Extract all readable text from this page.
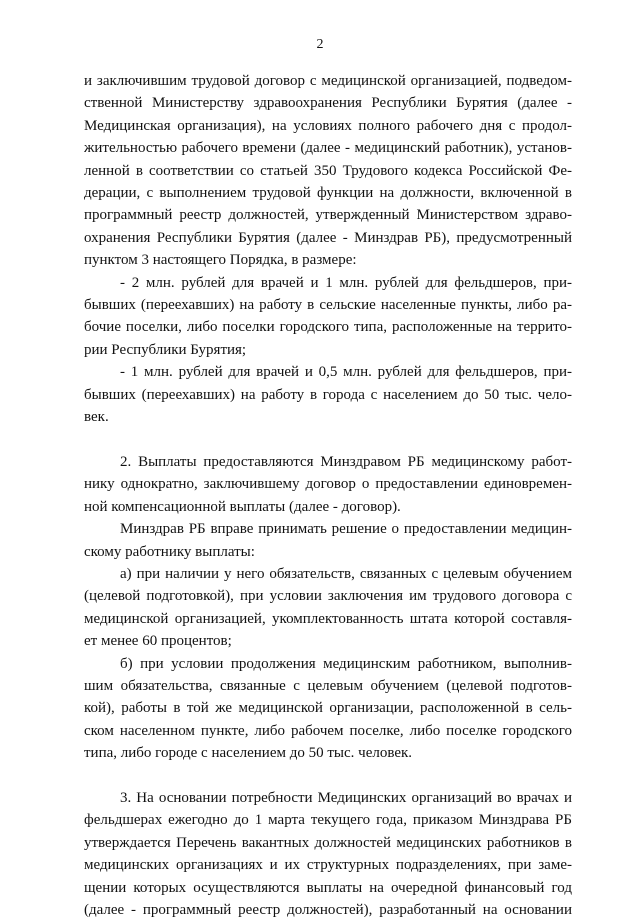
2
и заключившим трудовой договор с медицинской организацией, подведом-
ственной Министерству здравоохранения Республики Бурятия (далее -
Медицинская организация), на условиях полного рабочего дня с продол-
жительностью рабочего времени (далее - медицинский работник), установ-
ленной в соответствии со статьей 350 Трудового кодекса Российской Фе-
дерации, с выполнением трудовой функции на должности, включенной в
программный реестр должностей, утвержденный Министерством здраво-
охранения Республики Бурятия (далее - Минздрав РБ), предусмотренный
пунктом 3 настоящего Порядка, в размере:
- 2 млн. рублей для врачей и 1 млн. рублей для фельдшеров, при-
бывших (переехавших) на работу в сельские населенные пункты, либо ра-
бочие поселки, либо поселки городского типа, расположенные на террито-
рии Республики Бурятия;
- 1 млн. рублей для врачей и 0,5 млн. рублей для фельдшеров, при-
бывших (переехавших) на работу в города с населением до 50 тыс. чело-
век.
2. Выплаты предоставляются Минздравом РБ медицинскому работ-
нику однократно, заключившему договор о предоставлении единовремен-
ной компенсационной выплаты (далее - договор).
Минздрав РБ вправе принимать решение о предоставлении медицин-
скому работнику выплаты:
а) при наличии у него обязательств, связанных с целевым обучением
(целевой подготовкой), при условии заключения им трудового договора с
медицинской организацией, укомплектованность штата которой составля-
ет менее 60 процентов;
б) при условии продолжения медицинским работником, выполнив-
шим обязательства, связанные с целевым обучением (целевой подготов-
кой), работы в той же медицинской организации, расположенной в сель-
ском населенном пункте, либо рабочем поселке, либо поселке городского
типа, либо городе с населением до 50 тыс. человек.
3. На основании потребности Медицинских организаций во врачах и
фельдшерах ежегодно до 1 марта текущего года, приказом Минздрава РБ
утверждается Перечень вакантных должностей медицинских работников в
медицинских организациях и их структурных подразделениях, при заме-
щении которых осуществляются выплаты на очередной финансовый год
(далее - программный реестр должностей), разработанный на основании
